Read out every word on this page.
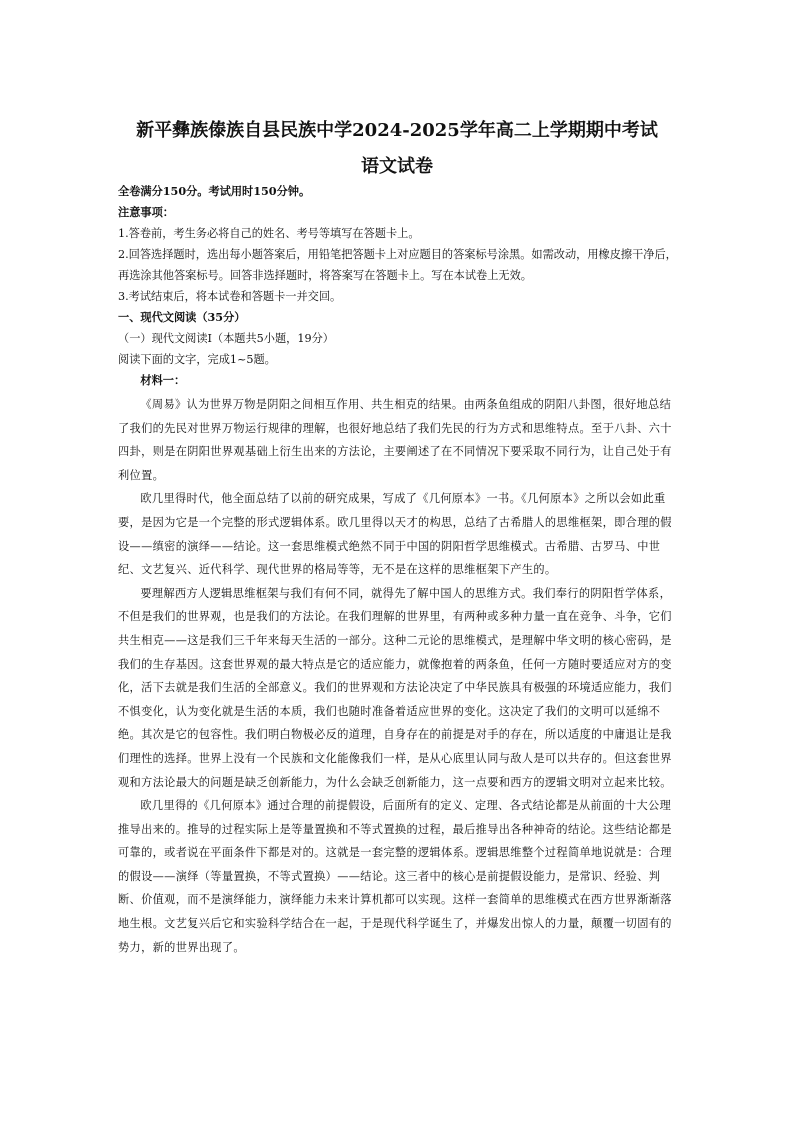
新平彝族傣族自县民族中学2024-2025学年高二上学期期中考试
语文试卷

全卷满分150分。考试用时150分钟。

注意事项：

1.答卷前，考生务必将自己的姓名、考号等填写在答题卡上。

2.回答选择题时，选出每小题答案后，用铅笔把答题卡上对应题目的答案标号涂黑。如需改动，用橡皮擦干净后，再选涂其他答案标号。回答非选择题时，将答案写在答题卡上。写在本试卷上无效。

3.考试结束后，将本试卷和答题卡一并交回。

一、现代文阅读（35分）

（一）现代文阅读Ⅰ（本题共5小题，19分）

阅读下面的文字，完成1~5题。

材料一：

《周易》认为世界万物是阴阳之间相互作用、共生相克的结果。由两条鱼组成的阴阳八卦图，很好地总结了我们的先民对世界万物运行规律的理解，也很好地总结了我们先民的行为方式和思维特点。至于八卦、六十四卦，则是在阴阳世界观基础上衍生出来的方法论，主要阐述了在不同情况下要采取不同行为，让自己处于有利位置。

欧几里得时代，他全面总结了以前的研究成果，写成了《几何原本》一书。《几何原本》之所以会如此重要，是因为它是一个完整的形式逻辑体系。欧几里得以天才的构思，总结了古希腊人的思维框架，即合理的假设——缜密的演绎——结论。这一套思维模式绝然不同于中国的阴阳哲学思维模式。古希腊、古罗马、中世纪、文艺复兴、近代科学、现代世界的格局等等，无不是在这样的思维框架下产生的。

要理解西方人逻辑思维框架与我们有何不同，就得先了解中国人的思维方式。我们奉行的阴阳哲学体系，不但是我们的世界观，也是我们的方法论。在我们理解的世界里，有两种或多种力量一直在竞争、斗争，它们共生相克——这是我们三千年来每天生活的一部分。这种二元论的思维模式，是理解中华文明的核心密码，是我们的生存基因。这套世界观的最大特点是它的适应能力，就像抱着的两条鱼，任何一方随时要适应对方的变化，活下去就是我们生活的全部意义。我们的世界观和方法论决定了中华民族具有极强的环境适应能力，我们不惧变化，认为变化就是生活的本质，我们也随时准备着适应世界的变化。这决定了我们的文明可以延绵不绝。其次是它的包容性。我们明白物极必反的道理，自身存在的前提是对手的存在，所以适度的中庸退让是我们理性的选择。世界上没有一个民族和文化能像我们一样，是从心底里认同与敌人是可以共存的。但这套世界观和方法论最大的问题是缺乏创新能力，为什么会缺乏创新能力，这一点要和西方的逻辑文明对立起来比较。

欧几里得的《几何原本》通过合理的前提假设，后面所有的定义、定理、各式结论都是从前面的十大公理推导出来的。推导的过程实际上是等量置换和不等式置换的过程，最后推导出各种神奇的结论。这些结论都是可靠的，或者说在平面条件下都是对的。这就是一套完整的逻辑体系。逻辑思维整个过程简单地说就是：合理的假设——演绎（等量置换，不等式置换）——结论。这三者中的核心是前提假设能力，是常识、经验、判断、价值观，而不是演绎能力，演绎能力未来计算机都可以实现。这样一套简单的思维模式在西方世界渐渐落地生根。文艺复兴后它和实验科学结合在一起，于是现代科学诞生了，并爆发出惊人的力量，颠覆一切固有的势力，新的世界出现了。
